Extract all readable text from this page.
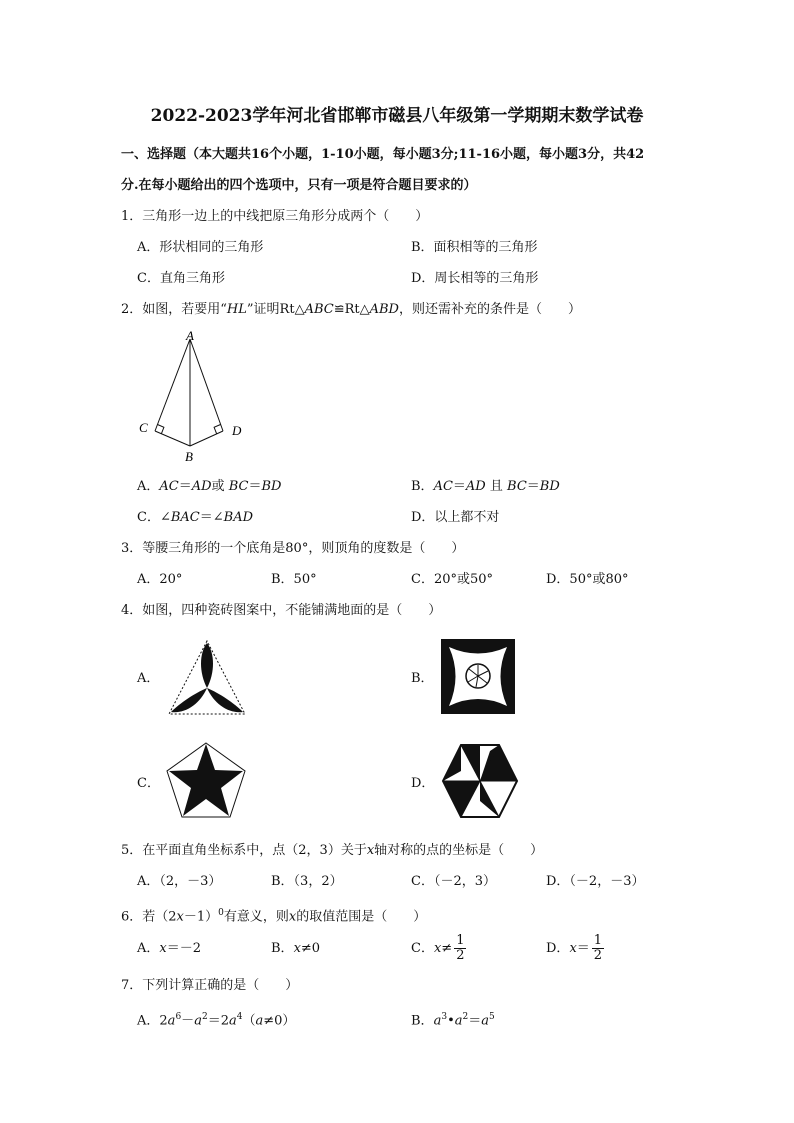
2022-2023学年河北省邯郸市磁县八年级第一学期期末数学试卷
一、选择题（本大题共16个小题，1-10小题，每小题3分;11-16小题，每小题3分，共42
分.在每小题给出的四个选项中，只有一项是符合题目要求的）
1．三角形一边上的中线把原三角形分成两个（　　）
A．形状相同的三角形	B．面积相等的三角形
C．直角三角形	D．周长相等的三角形
2．如图，若要用“HL”证明Rt△ABC≌Rt△ABD，则还需补充的条件是（　　）
A
C	D
B
A．AC＝AD或 BC＝BD	B．AC＝AD 且 BC＝BD
C．∠BAC＝∠BAD	D．以上都不对
3．等腰三角形的一个底角是80°，则顶角的度数是（　　）
A．20°	B．50°	C．20°或50°	D．50°或80°
4．如图，四种瓷砖图案中，不能铺满地面的是（　　）
A．	B．
C．	D．
5．在平面直角坐标系中，点（2，3）关于x轴对称的点的坐标是（　　）
A．（2，－3）	B．（3，2）	C．（－2，3）	D．（－2，－3）
6．若$(2x-1)^0$有意义，则x的取值范围是（　　）
A．x＝－2	B．x≠0	C．$x\ne \frac{1}{2}$	D．$x= \frac{1}{2}$
7．下列计算正确的是（　　）
A．$2a^6-a^2=2a^4(a\ne 0)$	B．$a^3•a^2=a^5$
